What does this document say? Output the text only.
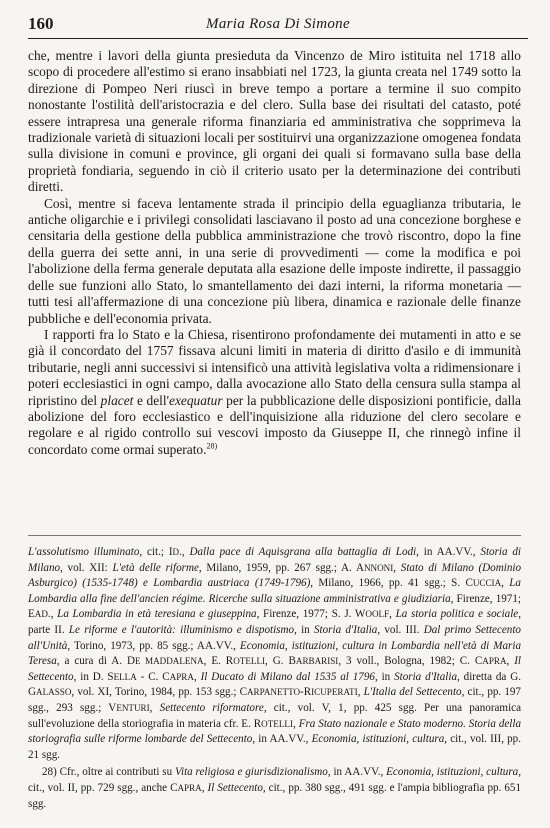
160	Maria Rosa Di Simone

che, mentre i lavori della giunta presieduta da Vincenzo de Miro istituita nel 1718 allo scopo di procedere all'estimo si erano insabbiati nel 1723, la giunta creata nel 1749 sotto la direzione di Pompeo Neri riuscì in breve tempo a portare a termine il suo compito nonostante l'ostilità dell'aristocrazia e del clero. Sulla base dei risultati del catasto, poté essere intrapresa una generale riforma finanziaria ed amministrativa che sopprimeva la tradizionale varietà di situazioni locali per sostituirvi una organizzazione omogenea fondata sulla divisione in comuni e province, gli organi dei quali si formavano sulla base della proprietà fondiaria, seguendo in ciò il criterio usato per la determinazione dei contributi diretti.

Così, mentre si faceva lentamente strada il principio della eguaglianza tributaria, le antiche oligarchie e i privilegi consolidati lasciavano il posto ad una concezione borghese e censitaria della gestione della pubblica amministrazione che trovò riscontro, dopo la fine della guerra dei sette anni, in una serie di provvedimenti — come la modifica e poi l'abolizione della ferma generale deputata alla esazione delle imposte indirette, il passaggio delle sue funzioni allo Stato, lo smantellamento dei dazi interni, la riforma monetaria — tutti tesi all'affermazione di una concezione più libera, dinamica e razionale delle finanze pubbliche e dell'economia privata.

I rapporti fra lo Stato e la Chiesa, risentirono profondamente dei mutamenti in atto e se già il concordato del 1757 fissava alcuni limiti in materia di diritto d'asilo e di immunità tributarie, negli anni successivi si intensificò una attività legislativa volta a ridimensionare i poteri ecclesiastici in ogni campo, dalla avocazione allo Stato della censura sulla stampa al ripristino del placet e dell'exequatur per la pubblicazione delle disposizioni pontificie, dalla abolizione del foro ecclesiastico e dell'inquisizione alla riduzione del clero secolare e regolare e al rigido controllo sui vescovi imposto da Giuseppe II, che rinnegò infine il concordato come ormai superato.$^{28)}$

L'assolutismo illuminato, cit.; ID., Dalla pace di Aquisgrana alla battaglia di Lodi, in AA.VV., Storia di Milano, vol. XII: L'età delle riforme, Milano, 1959, pp. 267 sgg.; A. ANNONI, Stato di Milano (Dominio Asburgico) (1535-1748) e Lombardia austriaca (1749-1796), Milano, 1966, pp. 41 sgg.; S. CUCCIA, La Lombardia alla fine dell'ancien régime. Ricerche sulla situazione amministrativa e giudiziaria, Firenze, 1971; EAD., La Lombardia in età teresiana e giuseppina, Firenze, 1977; S. J. WOOLF, La storia politica e sociale, parte II. Le riforme e l'autorità: illuminismo e dispotismo, in Storia d'Italia, vol. III. Dal primo Settecento all'Unità, Torino, 1973, pp. 85 sgg.; AA.VV., Economia, istituzioni, cultura in Lombardia nell'età di Maria Teresa, a cura di A. DE MADDALENA, E. ROTELLI, G. BARBARISI, 3 voll., Bologna, 1982; C. CAPRA, Il Settecento, in D. SELLA - C. CAPRA, Il Ducato di Milano dal 1535 al 1796, in Storia d'Italia, diretta da G. GALASSO, vol. XI, Torino, 1984, pp. 153 sgg.; CARPANETTO-RICUPERATI, L'Italia del Settecento, cit., pp. 197 sgg., 293 sgg.; VENTURI, Settecento riformatore, cit., vol. V, 1, pp. 425 sgg. Per una panoramica sull'evoluzione della storiografia in materia cfr. E. ROTELLI, Fra Stato nazionale e Stato moderno. Storia della storiografia sulle riforme lombarde del Settecento, in AA.VV., Economia, istituzioni, cultura, cit., vol. III, pp. 21 sgg.

28) Cfr., oltre ai contributi su Vita religiosa e giurisdizionalismo, in AA.VV., Economia, istituzioni, cultura, cit., vol. II, pp. 729 sgg., anche CAPRA, Il Settecento, cit., pp. 380 sgg., 491 sgg. e l'ampia bibliografia pp. 651 sgg.
